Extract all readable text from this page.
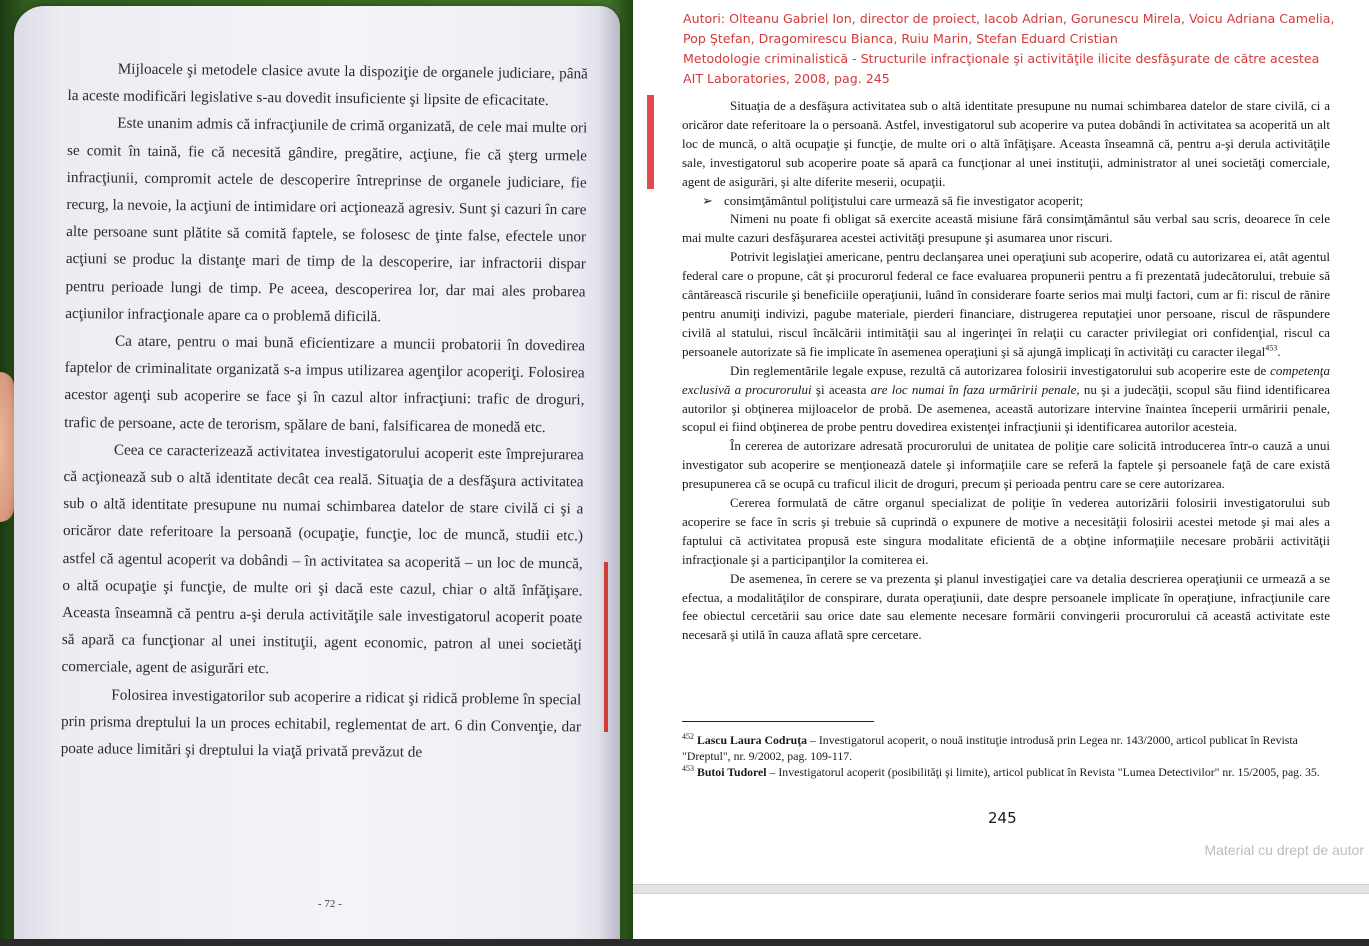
Mijloacele şi metodele clasice avute la dispoziţie de organele judiciare, până la aceste modificări legislative s-au dovedit insuficiente şi lipsite de eficacitate.

Este unanim admis că infracţiunile de crimă organizată, de cele mai multe ori se comit în taină, fie că necesită gândire, pregătire, acţiune, fie că şterg urmele infracţiunii, compromit actele de descoperire întreprinse de organele judiciare, fie recurg, la nevoie, la acţiuni de intimidare ori acţionează agresiv. Sunt şi cazuri în care alte persoane sunt plătite să comită faptele, se folosesc de ţinte false, efectele unor acţiuni se produc la distanţe mari de timp de la descoperire, iar infractorii dispar pentru perioade lungi de timp. Pe aceea, descoperirea lor, dar mai ales probarea acţiunilor infracţionale apare ca o problemă dificilă.

Ca atare, pentru o mai bună eficientizare a muncii probatorii în dovedirea faptelor de criminalitate organizată s-a impus utilizarea agenţilor acoperiţi. Folosirea acestor agenţi sub acoperire se face şi în cazul altor infracţiuni: trafic de droguri, trafic de persoane, acte de terorism, spălare de bani, falsificarea de monedă etc.

Ceea ce caracterizează activitatea investigatorului acoperit este împrejurarea că acţionează sub o altă identitate decât cea reală. Situaţia de a desfăşura activitatea sub o altă identitate presupune nu numai schimbarea datelor de stare civilă ci şi a oricăror date referitoare la persoană (ocupaţie, funcţie, loc de muncă, studii etc.) astfel că agentul acoperit va dobândi – în activitatea sa acoperită – un loc de muncă, o altă ocupaţie şi funcţie, de multe ori şi dacă este cazul, chiar o altă înfăţişare. Aceasta înseamnă că pentru a-şi derula activităţile sale investigatorul acoperit poate să apară ca funcţionar al unei instituţii, agent economic, patron al unei societăţi comerciale, agent de asigurări etc.

Folosirea investigatorilor sub acoperire a ridicat şi ridică probleme în special prin prisma dreptului la un proces echitabil, reglementat de art. 6 din Convenţie, dar poate aduce limitări şi dreptului la viaţă privată prevăzut de

- 72 -
Autori: Olteanu Gabriel Ion, director de proiect, Iacob Adrian, Gorunescu Mirela, Voicu Adriana Camelia,
Pop Ştefan, Dragomirescu Bianca, Ruiu Marin, Stefan Eduard Cristian
Metodologie criminalistică - Structurile infracţionale şi activităţile ilicite desfăşurate de către acestea
AIT Laboratories, 2008, pag. 245

Situaţia de a desfăşura activitatea sub o altă identitate presupune nu numai schimbarea datelor de stare civilă, ci a oricăror date referitoare la o persoană. Astfel, investigatorul sub acoperire va putea dobândi în activitatea sa acoperită un alt loc de muncă, o altă ocupaţie şi funcţie, de multe ori o altă înfăţişare. Aceasta înseamnă că, pentru a-şi derula activităţile sale, investigatorul sub acoperire poate să apară ca funcţionar al unei instituţii, administrator al unei societăţi comerciale, agent de asigurări, şi alte diferite meserii, ocupaţii.

➢ consimţământul poliţistului care urmează să fie investigator acoperit;

Nimeni nu poate fi obligat să exercite această misiune fără consimţământul său verbal sau scris, deoarece în cele mai multe cazuri desfăşurarea acestei activităţi presupune şi asumarea unor riscuri.

Potrivit legislaţiei americane, pentru declanşarea unei operaţiuni sub acoperire, odată cu autorizarea ei, atât agentul federal care o propune, cât şi procurorul federal ce face evaluarea propunerii pentru a fi prezentată judecătorului, trebuie să cântărească riscurile şi beneficiile operaţiunii, luând în considerare foarte serios mai mulţi factori, cum ar fi: riscul de rănire pentru anumiţi indivizi, pagube materiale, pierderi financiare, distrugerea reputaţiei unor persoane, riscul de răspundere civilă al statului, riscul încălcării intimităţii sau al ingerinţei în relaţii cu caracter privilegiat ori confidenţial, riscul ca persoanele autorizate să fie implicate în asemenea operaţiuni şi să ajungă implicaţi în activităţi cu caracter ilegal$^{453}$.

Din reglementările legale expuse, rezultă că autorizarea folosirii investigatorului sub acoperire este de competenţa exclusivă a procurorului şi aceasta are loc numai în faza urmăririi penale, nu şi a judecăţii, scopul său fiind identificarea autorilor şi obţinerea mijloacelor de probă. De asemenea, această autorizare intervine înaintea începerii urmăririi penale, scopul ei fiind obţinerea de probe pentru dovedirea existenţei infracţiunii şi identificarea autorilor acesteia.

În cererea de autorizare adresată procurorului de unitatea de poliţie care solicită introducerea într-o cauză a unui investigator sub acoperire se menţionează datele şi informaţiile care se referă la faptele şi persoanele faţă de care există presupunerea că se ocupă cu traficul ilicit de droguri, precum şi perioada pentru care se cere autorizarea.

Cererea formulată de către organul specializat de poliţie în vederea autorizării folosirii investigatorului sub acoperire se face în scris şi trebuie să cuprindă o expunere de motive a necesităţii folosirii acestei metode şi mai ales a faptului că activitatea propusă este singura modalitate eficientă de a obţine informaţiile necesare probării activităţii infracţionale şi a participanţilor la comiterea ei.

De asemenea, în cerere se va prezenta şi planul investigaţiei care va detalia descrierea operaţiunii ce urmează a se efectua, a modalităţilor de conspirare, durata operaţiunii, date despre persoanele implicate în operaţiune, infracţiunile care fee obiectul cercetării sau orice date sau elemente necesare formării convingerii procurorului că această activitate este necesară şi utilă în cauza aflată spre cercetare.

$^{452}$ Lascu Laura Codruţa – Investigatorul acoperit, o nouă instituţie introdusă prin Legea nr. 143/2000, articol publicat în Revista "Dreptul", nr. 9/2002, pag. 109-117.
$^{453}$ Butoi Tudorel – Investigatorul acoperit (posibilităţi şi limite), articol publicat în Revista "Lumea Detectivilor" nr. 15/2005, pag. 35.
245
Material cu drept de autor
